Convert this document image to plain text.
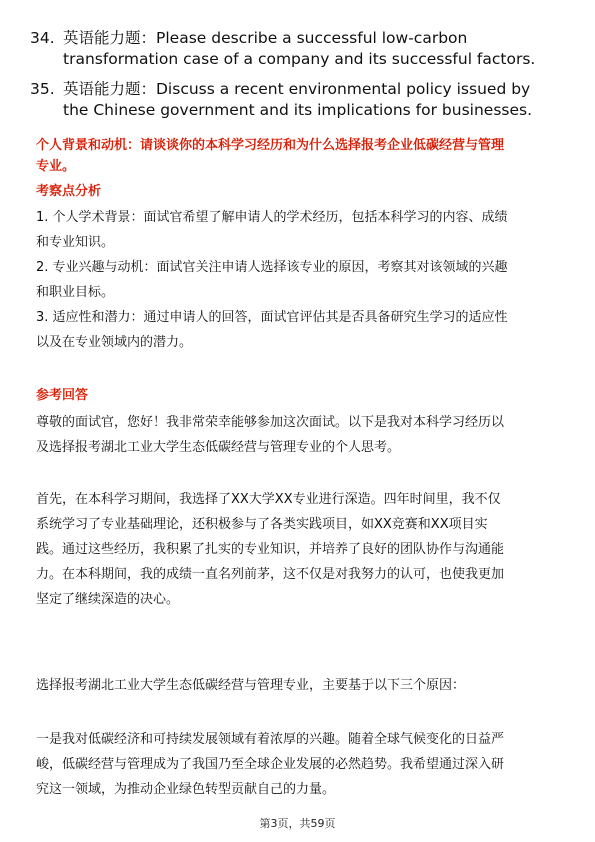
34. 英语能力题：Please describe a successful low-carbon
transformation case of a company and its successful factors.
35. 英语能力题：Discuss a recent environmental policy issued by
the Chinese government and its implications for businesses.
个人背景和动机：请谈谈你的本科学习经历和为什么选择报考企业低碳经营与管理
专业。
考察点分析
1. 个人学术背景：面试官希望了解申请人的学术经历，包括本科学习的内容、成绩
和专业知识。
2. 专业兴趣与动机：面试官关注申请人选择该专业的原因，考察其对该领域的兴趣
和职业目标。
3. 适应性和潜力：通过申请人的回答，面试官评估其是否具备研究生学习的适应性
以及在专业领域内的潜力。
参考回答
尊敬的面试官，您好！我非常荣幸能够参加这次面试。以下是我对本科学习经历以
及选择报考湖北工业大学生态低碳经营与管理专业的个人思考。
首先，在本科学习期间，我选择了XX大学XX专业进行深造。四年时间里，我不仅
系统学习了专业基础理论，还积极参与了各类实践项目，如XX竞赛和XX项目实
践。通过这些经历，我积累了扎实的专业知识，并培养了良好的团队协作与沟通能
力。在本科期间，我的成绩一直名列前茅，这不仅是对我努力的认可，也使我更加
坚定了继续深造的决心。
选择报考湖北工业大学生态低碳经营与管理专业，主要基于以下三个原因：
一是我对低碳经济和可持续发展领域有着浓厚的兴趣。随着全球气候变化的日益严
峻，低碳经营与管理成为了我国乃至全球企业发展的必然趋势。我希望通过深入研
究这一领域，为推动企业绿色转型贡献自己的力量。
第3页，共59页
